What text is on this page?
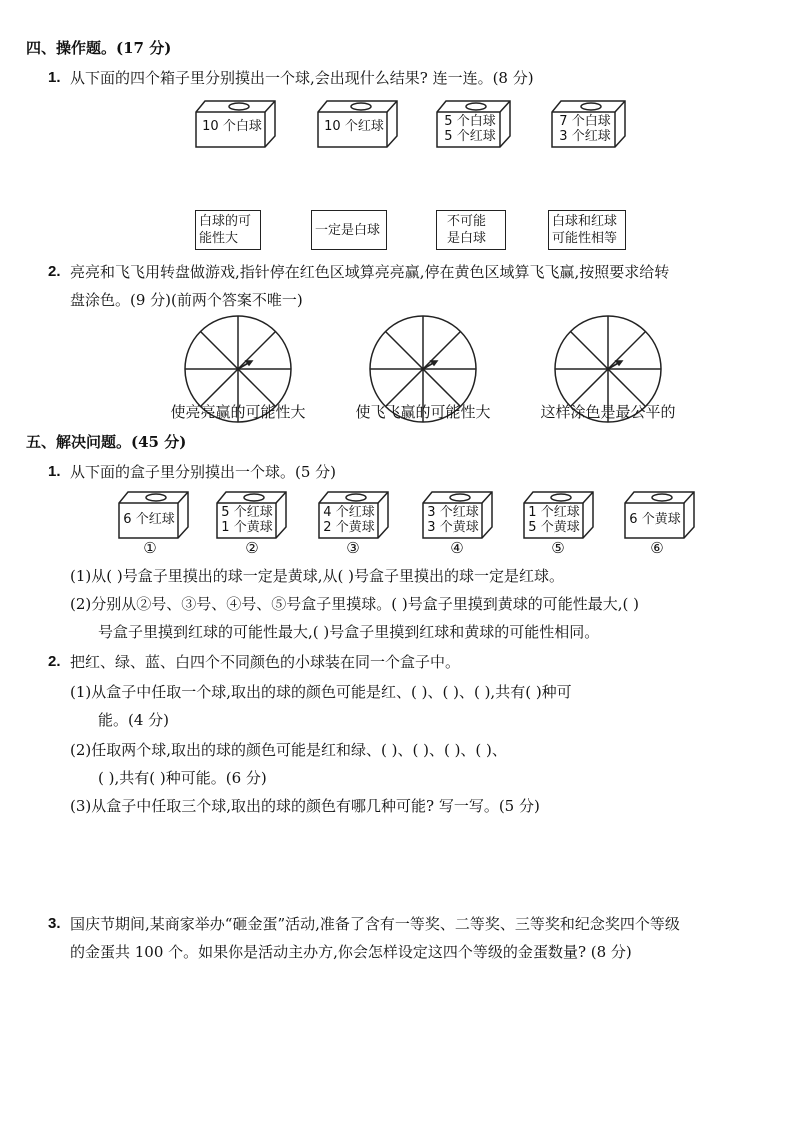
四、操作题。(17 分)
1. 从下面的四个箱子里分别摸出一个球,会出现什么结果? 连一连。(8 分)
10 个白球	10 个红球	5 个白球
5 个红球
7 个白球
3 个红球
白球的可
能性大
一定是白球
不可能
是白球
白球和红球
可能性相等
2. 亮亮和飞飞用转盘做游戏,指针停在红色区域算亮亮赢,停在黄色区域算飞飞赢,按照要求给转
盘涂色。(9 分)(前两个答案不唯一)
使亮亮赢的可能性大	使飞飞赢的可能性大	这样涂色是最公平的
五、解决问题。(45 分)
1. 从下面的盒子里分别摸出一个球。(5 分)
6 个红球
①
5 个红球
1 个黄球
②
4 个红球
2 个黄球
③
3 个红球
3 个黄球
④
1 个红球
5 个黄球
⑤
6 个黄球
⑥
(1)从( )号盒子里摸出的球一定是黄球,从( )号盒子里摸出的球一定是红球。
(2)分别从②号、③号、④号、⑤号盒子里摸球。( )号盒子里摸到黄球的可能性最大,( )
号盒子里摸到红球的可能性最大,( )号盒子里摸到红球和黄球的可能性相同。
2. 把红、绿、蓝、白四个不同颜色的小球装在同一个盒子中。
(1)从盒子中任取一个球,取出的球的颜色可能是红、( )、( )、( ),共有( )种可
能。(4 分)
(2)任取两个球,取出的球的颜色可能是红和绿、( )、( )、( )、( )、
( ),共有( )种可能。(6 分)
(3)从盒子中任取三个球,取出的球的颜色有哪几种可能? 写一写。(5 分)
3. 国庆节期间,某商家举办“砸金蛋”活动,准备了含有一等奖、二等奖、三等奖和纪念奖四个等级
的金蛋共 100 个。如果你是活动主办方,你会怎样设定这四个等级的金蛋数量? (8 分)
